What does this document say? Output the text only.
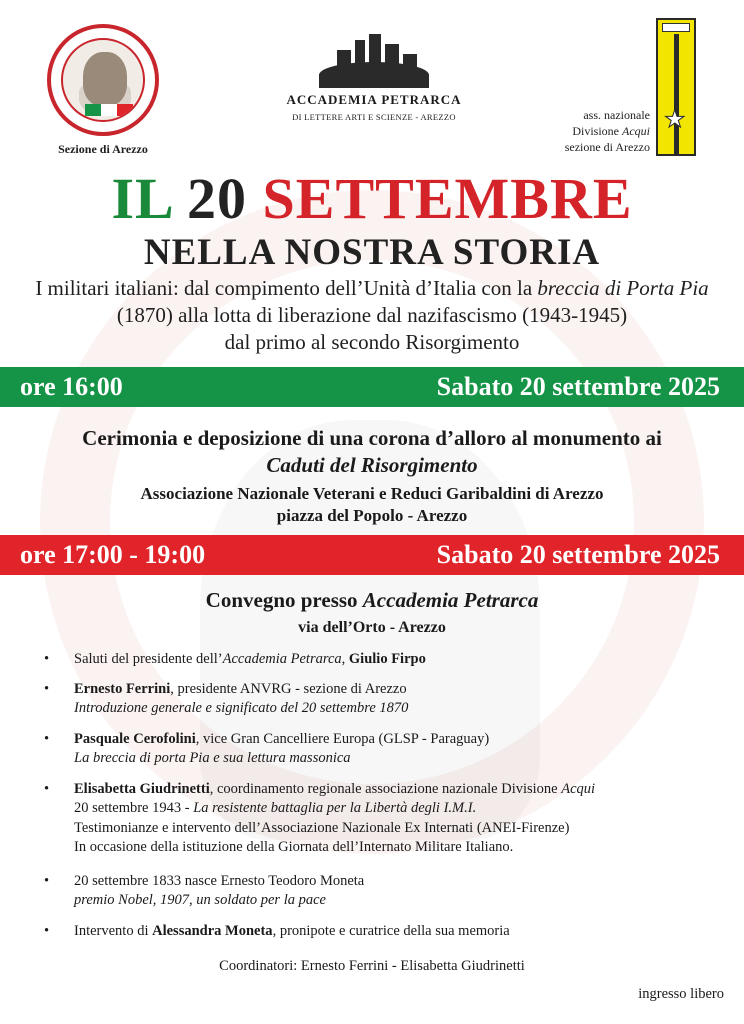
Sezione di Arezzo
ACCADEMIA PETRARCA
DI LETTERE ARTI E SCIENZE - AREZZO	ass. nazionale
Divisione Acqui
sezione di Arezzo
★
IL 20 SETTEMBRE
NELLA NOSTRA STORIA
I militari italiani: dal compimento dell’Unità d’Italia con la breccia di Porta Pia (1870) alla lotta di liberazione dal nazifascismo (1943-1945)
dal primo al secondo Risorgimento
ore 16:00	Sabato 20 settembre 2025
Cerimonia e deposizione di una corona d’alloro al monumento ai
Caduti del Risorgimento
Associazione Nazionale Veterani e Reduci Garibaldini di Arezzo
piazza del Popolo - Arezzo
ore 17:00 - 19:00	Sabato 20 settembre 2025
Convegno presso Accademia Petrarca
via dell’Orto - Arezzo
•	Saluti del presidente dell’Accademia Petrarca, Giulio Firpo
•	Ernesto Ferrini, presidente ANVRG - sezione di Arezzo
Introduzione generale e significato del 20 settembre 1870
•	Pasquale Cerofolini, vice Gran Cancelliere Europa (GLSP - Paraguay)
La breccia di porta Pia e sua lettura massonica
•	Elisabetta Giudrinetti, coordinamento regionale associazione nazionale Divisione Acqui
20 settembre 1943 - La resistente battaglia per la Libertà degli I.M.I.
Testimonianze e intervento dell’Associazione Nazionale Ex Internati (ANEI-Firenze)
In occasione della istituzione della Giornata dell’Internato Militare Italiano.
•	20 settembre 1833 nasce Ernesto Teodoro Moneta
premio Nobel, 1907, un soldato per la pace
•	Intervento di Alessandra Moneta, pronipote e curatrice della sua memoria
Coordinatori: Ernesto Ferrini - Elisabetta Giudrinetti
ingresso libero
